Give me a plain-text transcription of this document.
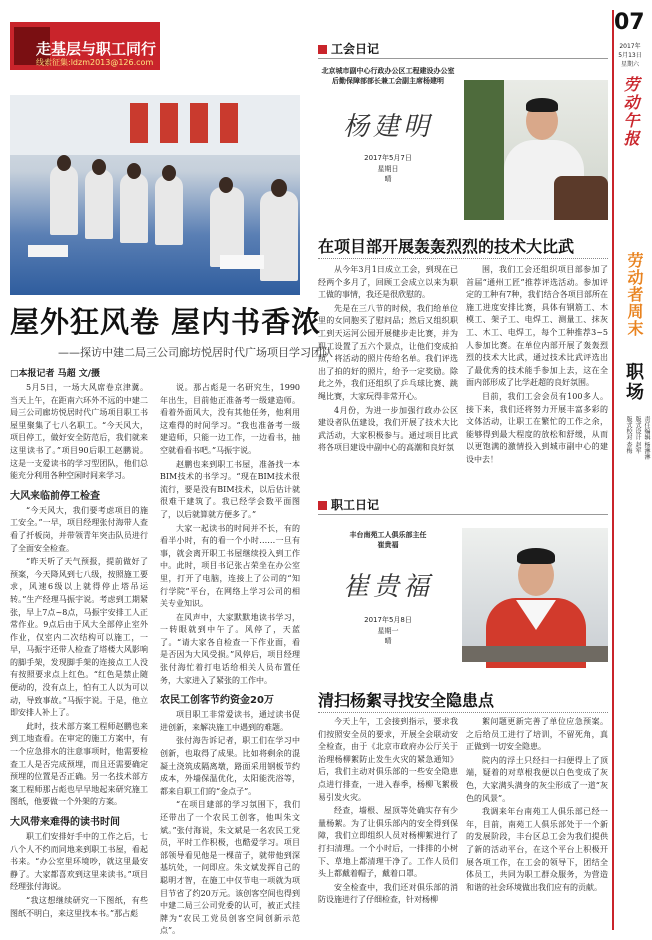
走基层与职工同行
线索征集:ldzm2013@126.com
屋外狂风卷 屋内书香浓
——探访中建二局三公司廊坊悦居时代广场项目学习团队
□本报记者 马超 文/摄

5月5日，一场大风席卷京津冀。当天上午，在距南六环外不远的中建二局三公司廊坊悦居时代广场项目职工书屋里聚集了七八名职工。“今天风大，项目停工，做好安全防范后，我们就来这里读书了。”项目90后职工赵鹏说。这是一支爱读书的学习型团队，他们总能充分利用各种空闲时间来学习。

大风来临前停工检查

“今天风大，我们要考虑项目的施工安全。”一早，项目经理张付海带人查看了扦板岗，并带领青年突击队员进行了全面安全检查。

“昨天听了天气预报，提前做好了预案，今天降风到七八级，按照施工要求，风速6级以上就得停止塔吊运转。”生产经理马振宇说。考虑到工期紧张，早上7点~8点，马振宇安排工人正常作业。9点后由于风大全部停止室外作业，仅室内二次结构可以施工，一早，马振宇还带人检查了塔楼大风影响的脚手架，发现脚手架的连接点工人没有按照要求点上红色。“红色是禁止随便动的，没有点上，怕有工人以为可以动，导致事故。”马振宇说。于是，他立即安排人补上了。

此时，技术部方案工程师赵鹏也来到工地查看。在审定的施工方案中，有一个应急排水的注意事项时，他需要检查工人是否完成预埋，而且还需要确定预埋的位置是否正确。另一名技术部方案工程师那占彪也早早地起来研究施工图纸，他要做一个外架的方案。

大风带来难得的读书时间

职工们安排好手中的工作之后，七八个人不约而同地来到职工书屋，看起书来。“办公室里环境吵，就这里最安静了。大家都喜欢到这里来读书。”项目经理张付海说。

“我这想继续研究一下图纸，有些图纸不明白，来这里找本书。”那占彪

说。那占彪是一名研究生，1990年出生，目前他正准备考一级建造师。看着外面风大，没有其他任务，他利用这难得的时间学习。“我也准备考一级建造师，只能一边工作，一边看书，抽空就看看书吧。”马振宇说。

赵鹏也来到职工书屋，准备找一本BIM技术的书学习。“现在BIM技术很流行，要是没有BIM技术，以后估计就很难干建筑了。我已经学会数平面图了，以后就算就方便多了。”

大家一起读书的时间并不长，有的看半小时，有的看一个小时……一旦有事，就会离开职工书屋继续投入到工作中。此时，项目书记张占荣坐在办公室里，打开了电脑，连接上了公司的“知行学院”平台，在网络上学习公司的相关专业知识。

在风声中，大家默默地读书学习，一转眼就到中午了。风停了，天蓝了。“请大家各自检查一下作业面，看是否因为大风受损。”风停后，项目经理张付海忙着打电话给相关人员布置任务，大家进入了紧张的工作中。

农民工创客节约资金20万

项目职工非常爱读书，通过读书促进创新，来解决施工中遇到的难题。

张付海告诉记者，职工们在学习中创新，也取得了成果。比如将剩余的混凝土浇筑成隔离墩，路面采用钢板节约成本，外墙保温优化，太阳能洗浴等，都来自职工们的“金点子”。

“在项目建部的学习氛围下，我们还带出了一个农民工创客，他叫朱文斌。”张付海说，朱文斌是一名农民工党员，平时工作积极，也酷爱学习。项目部领导看见他是一棵苗子，就带他到深基坑处，一问即应。朱文斌发挥自己的聪明才智，在施工中仅节电一项就为项目节省了约20万元。该创客空间也得到中建二局三公司党委的认可，被正式挂牌为“农民工党员创客空间创新示范点”。

工会日记
北京城市副中心行政办公区工程建设办公室
后勤保障部部长兼工会副主席杨建明
杨建明
2017年5月7日
星期日
晴
在项目部开展轰轰烈烈的技术大比武

从今年3月1日成立工会，到现在已经两个多月了，回顾工会成立以来为职工做的事情，我还是很欣慰的。

先是在三八节的时候，我们给单位里的女同胞买了慰问品；然后又组织职工到天运河公园开展健步走比赛，并为职工设置了五六个景点，让他们变成拍照，将活动的照片传给名单。我们评选出了拍的好的照片，给予一定奖励。除此之外，我们还组织了乒乓球比赛、跳绳比赛，大家玩得非常开心。

4月份，为进一步加强行政办公区建设者队伍建设，我们开展了技术大比武活动，大家积极参与。通过项目比武将各项目建设中副中心的高潮和良好氛

围，我们工会还组织项目部参加了首届“通州工匠”推荐评选活动。参加评定的工种有7种，我们结合各项目部所在施工进度安排比赛，具体有钢筋工、木模工、架子工、电焊工、测量工、抹灰工、木工、电焊工，每个工种推荐3~5人参加比赛。在单位内部开展了轰轰烈烈的技术大比武，通过技术比武评选出了最优秀的技术能手参加上去，这在全面内部形成了比学赶超的良好氛围。

目前，我们工会会员有100多人。接下来，我们还将努力开展丰富多彩的文体活动，让职工在繁忙的工作之余，能够得到最大程度的放松和舒缓，从而以更饱满的激情投入到城市副中心的建设中去！

职工日记
丰台南苑工人俱乐部主任
崔贵福
崔贵福
2017年5月8日
星期一
晴
清扫杨絮寻找安全隐患点

今天上午，工会接到指示，要求我们按照安全员的要求，开展全会联动安全检查，由于《北京市政府办公厅关于治理杨柳絮防止发生火灾的紧急通知》后，我们主动对俱乐部的一些安全隐患点进行排查，一进入春季，杨柳飞絮极易引发火灾。

经查，墙根、屋顶等处确实存有少量杨絮。为了让俱乐部内的安全得到保障，我们立即组织人员对杨柳絮进行了打扫清理。一个小时后，一排排的小树下、草地上都清理干净了。工作人员们头上都戴着帽子，戴着口罩。

安全检查中，我们还对俱乐部的消防设施进行了仔细检查，针对杨柳

絮问题更新完善了单位应急预案。之后给员工进行了培训，不留死角，真正做到一切安全隐患。

院内的浮土只经扫一扫便得上了顶端，疑着的对草根我便以白色变成了灰色，大家满头满身的灰尘形成了一道“灰色的风景”。

我调来年台南苑工人俱乐部已经一年，目前，南苑工人俱乐部处于一个新的发展阶段，丰台区总工会为我们提供了新的活动平台，在这个平台上积极开展各项工作，在工会的领导下，团结全体员工，共同为职工群众服务，为营造和谐的社会环境做出我们应有的贡献。

07
2017年
5月13日
星期六
劳动午报
劳动者周末
职场
责任编辑 杨淋淋
版式设计 赵军
版式校对 杏梅
